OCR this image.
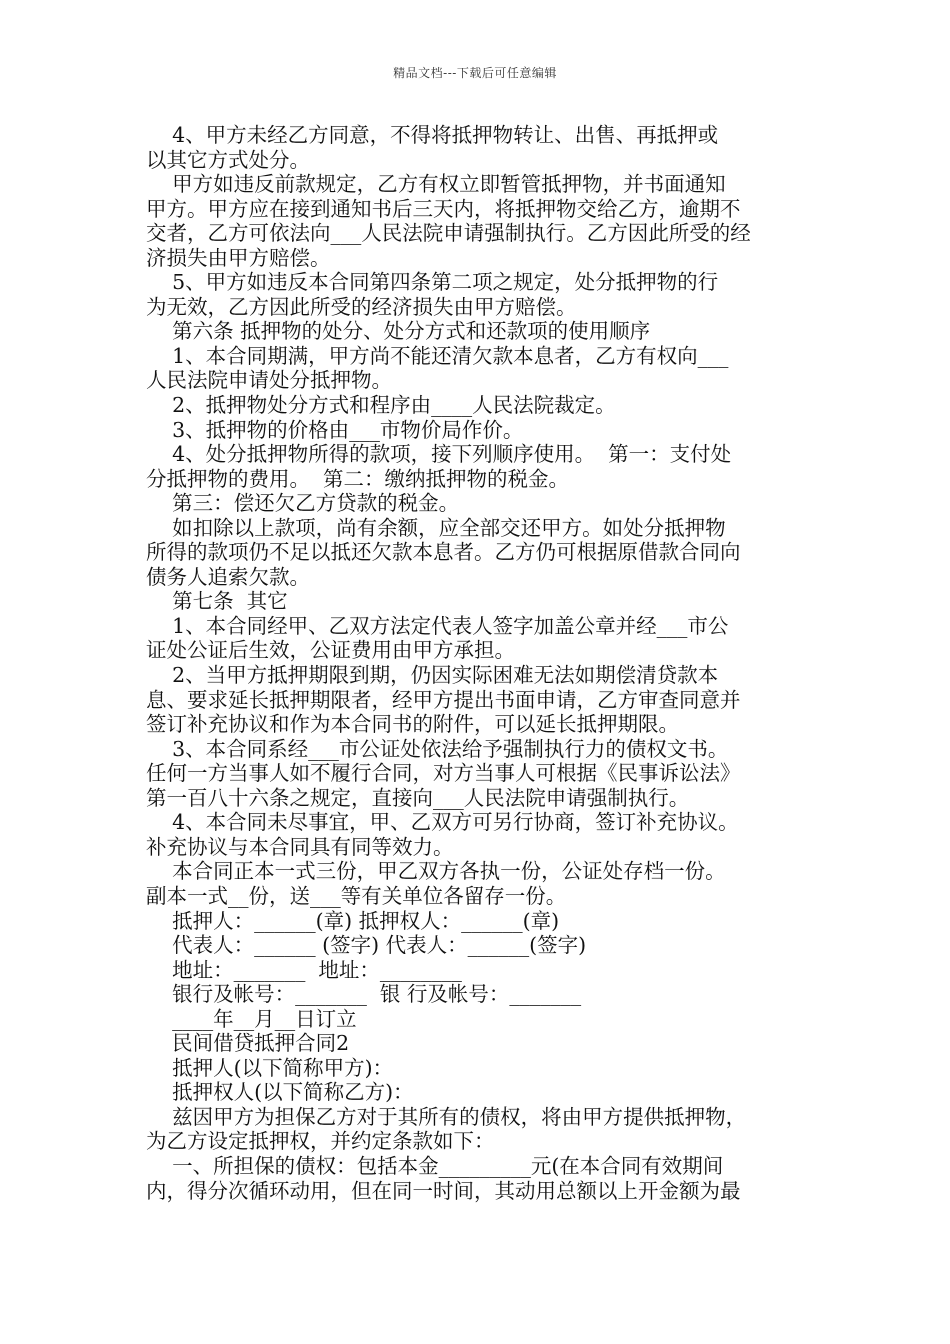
精品文档---下载后可任意编辑
4、甲方未经乙方同意，不得将抵押物转让、出售、再抵押或
以其它方式处分。
甲方如违反前款规定，乙方有权立即暂管抵押物，并书面通知
甲方。甲方应在接到通知书后三天内，将抵押物交给乙方，逾期不
交者，乙方可依法向___人民法院申请强制执行。乙方因此所受的经
济损失由甲方赔偿。
5、甲方如违反本合同第四条第二项之规定，处分抵押物的行
为无效，乙方因此所受的经济损失由甲方赔偿。
第六条 抵押物的处分、处分方式和还款项的使用顺序
1、本合同期满，甲方尚不能还清欠款本息者，乙方有权向___
人民法院申请处分抵押物。
2、抵押物处分方式和程序由____人民法院裁定。
3、抵押物的价格由___市物价局作价。
4、处分抵押物所得的款项，接下列顺序使用。  第一：支付处
分抵押物的费用。  第二：缴纳抵押物的税金。
第三：偿还欠乙方贷款的税金。
如扣除以上款项，尚有余额，应全部交还甲方。如处分抵押物
所得的款项仍不足以抵还欠款本息者。乙方仍可根据原借款合同向
债务人追索欠款。
第七条  其它
1、本合同经甲、乙双方法定代表人签字加盖公章并经___市公
证处公证后生效，公证费用由甲方承担。
2、当甲方抵押期限到期，仍因实际困难无法如期偿清贷款本
息、要求延长抵押期限者，经甲方提出书面申请，乙方审查同意并
签订补充协议和作为本合同书的附件，可以延长抵押期限。
3、本合同系经___市公证处依法给予强制执行力的债权文书。
任何一方当事人如不履行合同，对方当事人可根据《民事诉讼法》
第一百八十六条之规定，直接向___人民法院申请强制执行。
4、本合同未尽事宜，甲、乙双方可另行协商，签订补充协议。
补充协议与本合同具有同等效力。
本合同正本一式三份，甲乙双方各执一份，公证处存档一份。
副本一式__份，送___等有关单位各留存一份。
抵押人：______(章) 抵押权人：______(章)
代表人：______ (签字) 代表人：______(签字)
地址：_______  地址：________
银行及帐号：_______  银 行及帐号：_______
____年__月__日订立
民间借贷抵押合同2
抵押人(以下简称甲方)：
抵押权人(以下简称乙方)：
兹因甲方为担保乙方对于其所有的债权，将由甲方提供抵押物，
为乙方设定抵押权，并约定条款如下：
一、所担保的债权：包括本金_________元(在本合同有效期间
内，得分次循环动用，但在同一时间，其动用总额以上开金额为最
